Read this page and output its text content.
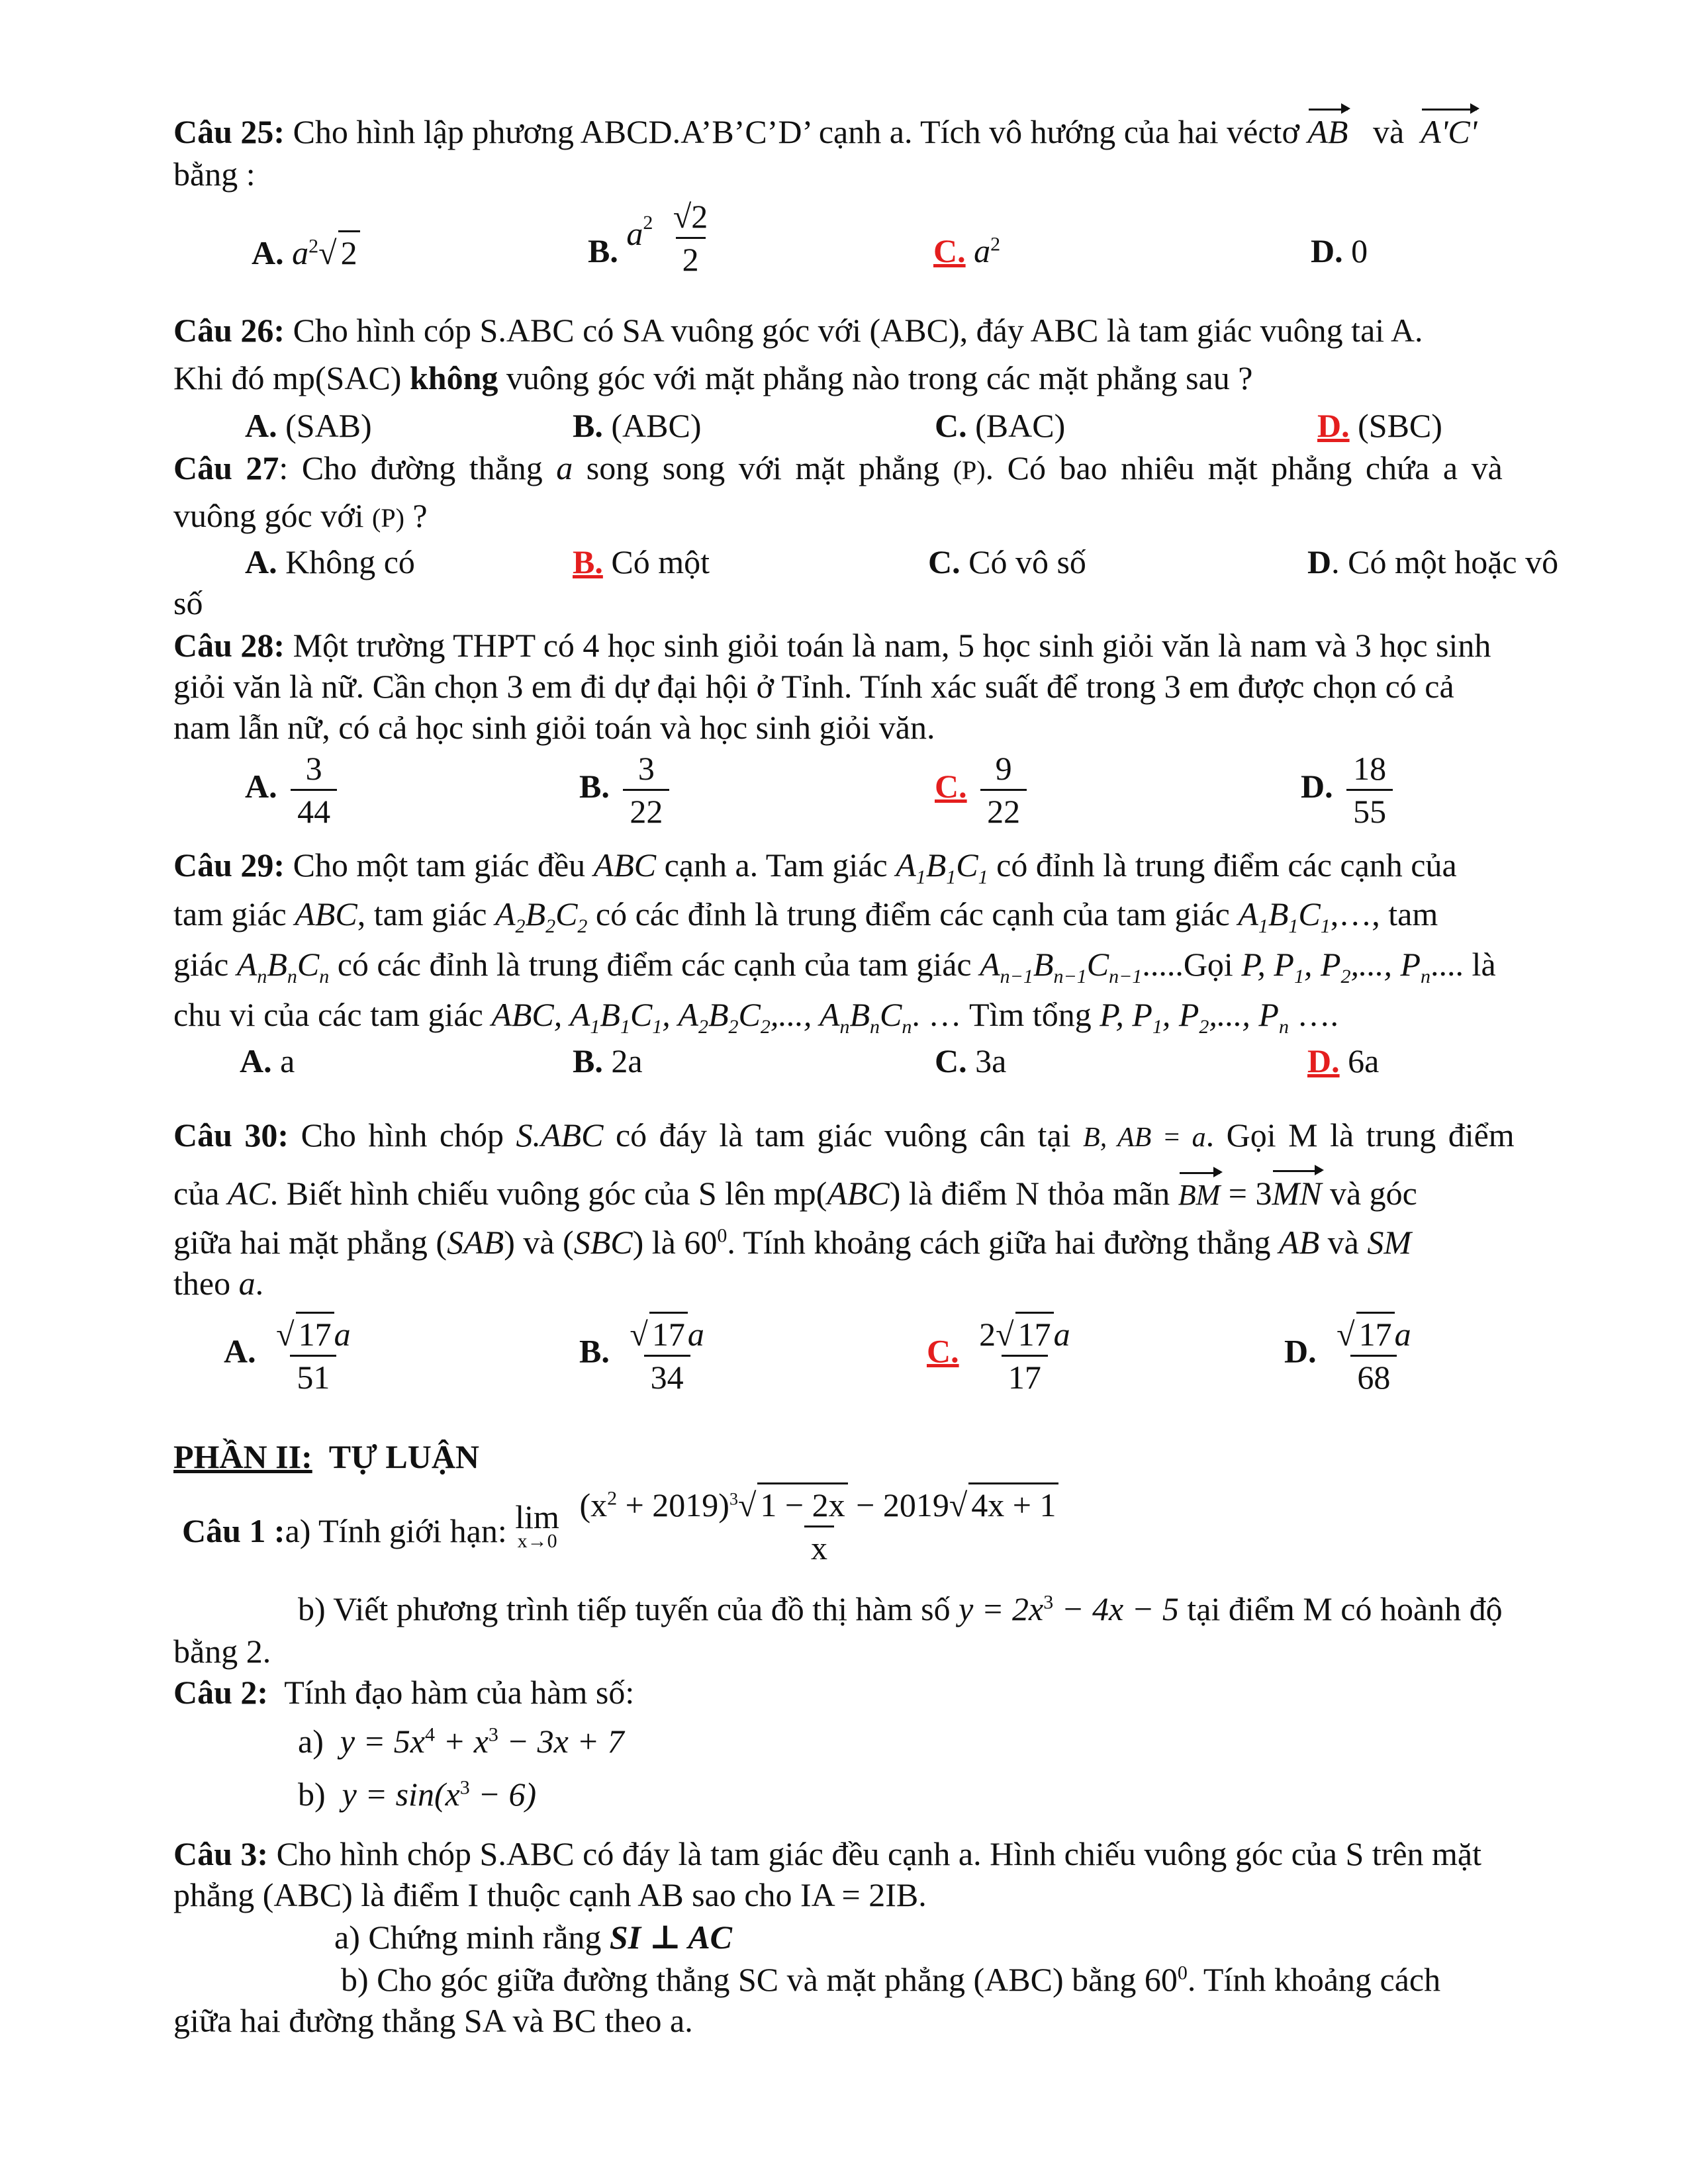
Câu 25: Cho hình lập phương ABCD.A’B’C’D’ cạnh a. Tích vô hướng của hai véctơ AB và A'C'
bằng :
A. $a^2√$ 2	B. $a^2 \frac{√2}{2}$	C. $a^2$	D. 0
Câu 26: Cho hình cóp S.ABC có SA vuông góc với (ABC), đáy ABC là tam giác vuông tai A.
Khi đó mp(SAC) không vuông góc với mặt phẳng nào trong các mặt phẳng sau ?
A. (SAB)	B. (ABC)	C. (BAC)	D. (SBC)
Câu 27: Cho đường thẳng a song song với mặt phẳng (P). Có bao nhiêu mặt phẳng chứa a và
vuông góc với (P) ?
A. Không có	B. Có một	C. Có vô số	D. Có một hoặc vô
số
Câu 28: Một trường THPT có 4 học sinh giỏi toán là nam, 5 học sinh giỏi văn là nam và 3 học sinh
giỏi văn là nữ. Cần chọn 3 em đi dự đại hội ở Tỉnh. Tính xác suất để trong 3 em được chọn có cả
nam lẫn nữ, có cả học sinh giỏi toán và học sinh giỏi văn.
A. $\frac{3}{44}$	B. $\frac{3}{22}$	C. $\frac{9}{22}$	D. $\frac{18}{55}$
Câu 29: Cho một tam giác đều ABC cạnh a. Tam giác $A_1B_1C_1$ có đỉnh là trung điểm các cạnh của
tam giác ABC, tam giác $A_2B_2C_2$ có các đỉnh là trung điểm các cạnh của tam giác $A_1B_1C_1,\dots$, tam
giác $A_nB_nC_n$ có các đỉnh là trung điểm các cạnh của tam giác $A_{n-1}B_{n-1}C_{n-1}.....Gọi$ P, $P_1$, $P_2$,..., $P_n$.... là
chu vi của các tam giác ABC, $A_1B_1C_1$, $A_2B_2C_2$,..., $A_nB_nC_n$. … Tìm tổng P, $P_1$, $P_2$,..., $P_n$ ….
A. a	B. 2a	C. 3a	D. 6a
Câu 30: Cho hình chóp S.ABC có đáy là tam giác vuông cân tại B, AB = a. Gọi M là trung điểm
của AC. Biết hình chiếu vuông góc của S lên mp(ABC) là điểm N thỏa mãn BM = 3MN và góc
giữa hai mặt phẳng (SAB) và (SBC) là $60^0$. Tính khoảng cách giữa hai đường thẳng AB và SM
theo a.
A. $\frac{√ 17a}{51}$	B. $\frac{√ 17a}{34}$	C. $\frac{2√ 17a}{17}$	D. $\frac{√ 17a}{68}$
PHẦN II: TỰ LUẬN
Câu 1 :a) Tính giới hạn: lim
x→0
$\frac{(x^2 + 2019)^3√ 1 - 2x - 2019√ 4x + 1}{x}$
b) Viết phương trình tiếp tuyến của đồ thị hàm số $y = 2x^3 - 4x - 5$ tại điểm M có hoành độ
bằng 2.
Câu 2: Tính đạo hàm của hàm số:
a) $y = 5x^4 + x^3 - 3x + 7$
b) $y = \sin(x^3 - 6)$
Câu 3: Cho hình chóp S.ABC có đáy là tam giác đều cạnh a. Hình chiếu vuông góc của S trên mặt
phẳng (ABC) là điểm I thuộc cạnh AB sao cho IA = 2IB.
a) Chứng minh rằng SI ⊥ AC
b) Cho góc giữa đường thẳng SC và mặt phẳng (ABC) bằng $60^0$. Tính khoảng cách
giữa hai đường thẳng SA và BC theo a.
